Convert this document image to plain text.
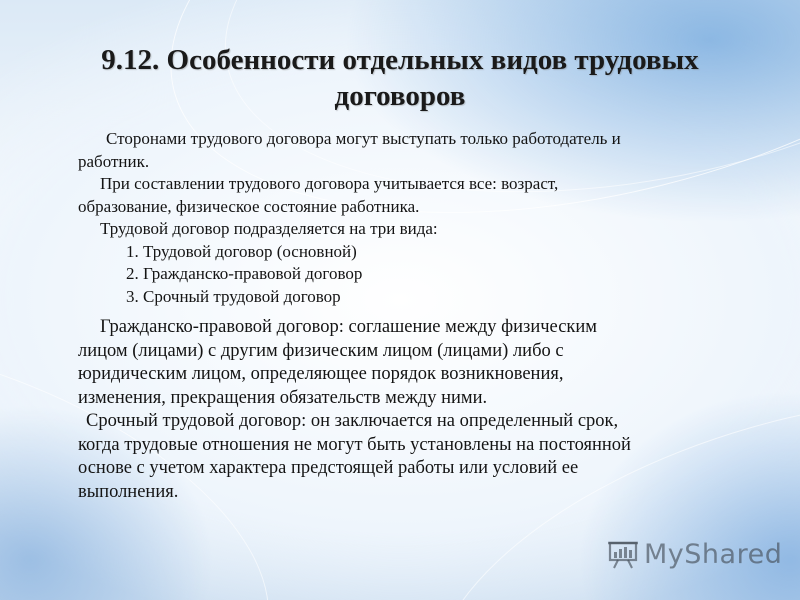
9.12. Особенности отдельных видов трудовых
договоров
Сторонами трудового договора могут выступать только работодатель и
работник.
При составлении трудового договора учитывается все: возраст,
образование, физическое состояние работника.
Трудовой договор подразделяется на три вида:
1. Трудовой договор (основной)
2. Гражданско-правовой договор
3. Срочный трудовой договор
Гражданско-правовой договор: соглашение между физическим
лицом (лицами) с другим физическим лицом (лицами) либо с
юридическим лицом, определяющее порядок возникновения,
изменения, прекращения обязательств между ними.
Срочный трудовой договор: он заключается на определенный срок,
когда трудовые отношения не могут быть установлены на постоянной
основе с учетом характера предстоящей работы или условий ее
выполнения.
MyShared
